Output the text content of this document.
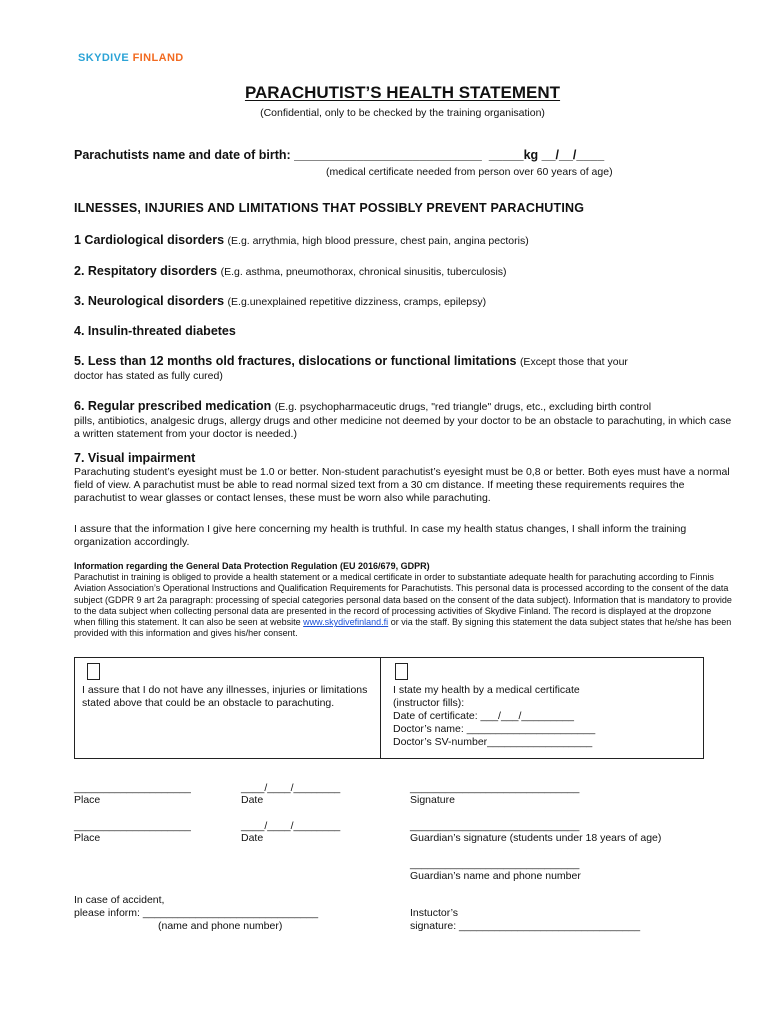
SKYDIVE FINLAND
PARACHUTIST’S HEALTH STATEMENT
(Confidential, only to be checked by the training organisation)
Parachutists name and date of birth: ___________________________  _____kg __/__/____
(medical certificate needed from person over 60 years of age)
ILNESSES, INJURIES AND LIMITATIONS THAT POSSIBLY PREVENT PARACHUTING
1 Cardiological disorders (E.g. arrythmia, high blood pressure, chest pain, angina pectoris)
2. Respitatory disorders (E.g. asthma, pneumothorax, chronical sinusitis, tuberculosis)
3. Neurological disorders (E.g.unexplained repetitive dizziness, cramps, epilepsy)
4. Insulin-threated diabetes
5. Less than 12 months old fractures, dislocations or functional limitations (Except those that your
doctor has stated as fully cured)
6. Regular prescribed medication (E.g. psychopharmaceutic drugs, "red triangle" drugs, etc., excluding birth control
pills, antibiotics, analgesic drugs, allergy drugs and other medicine not deemed by your doctor to be an obstacle to parachuting, in which case a written statement from your doctor is needed.)
7. Visual impairment
Parachuting student’s eyesight must be 1.0 or better. Non-student parachutist’s eyesight must be 0,8 or better. Both eyes must have a normal field of view. A parachutist must be able to read normal sized text from a 30 cm distance. If meeting these requirements requires the parachutist to wear glasses or contact lenses, these must be worn also while parachuting.
I assure that the information I give here concerning my health is truthful. In case my health status changes, I shall inform the training organization accordingly.
Information regarding the General Data Protection Regulation (EU 2016/679, GDPR)
Parachutist in training is obliged to provide a health statement or a medical certificate in order to substantiate adequate health for parachuting according to Finnis Aviation Association’s Operational Instructions and Qualification Requirements for Parachutists. This personal data is processed according to the consent of the data subject (GDPR 9 art 2a paragraph: processing of special categories personal data based on the consent of the data subject). Information that is mandatory to provide to the data subject when collecting personal data are presented in the record of processing activities of Skydive Finland. The record is displayed at the dropzone when filling this statement. It can also be seen at website www.skydivefinland.fi or via the staff. By signing this statement the data subject states that he/she has been provided with this information and gives his/her consent.
I assure that I do not have any illnesses, injuries or limitations stated above that could be an obstacle to parachuting.
I state my health by a medical certificate
(instructor fills):
Date of certificate: ___/___/_________
Doctor’s name: ______________________
Doctor’s SV-number__________________
____________________
Place
____/____/________
Date
_____________________________
Signature
____________________
Place
____/____/________
Date
_____________________________
Guardian’s signature (students under 18 years of age)
_____________________________
Guardian’s name and phone number
In case of accident,
please inform: ______________________________
(name and phone number)
Instuctor’s
signature: _______________________________
